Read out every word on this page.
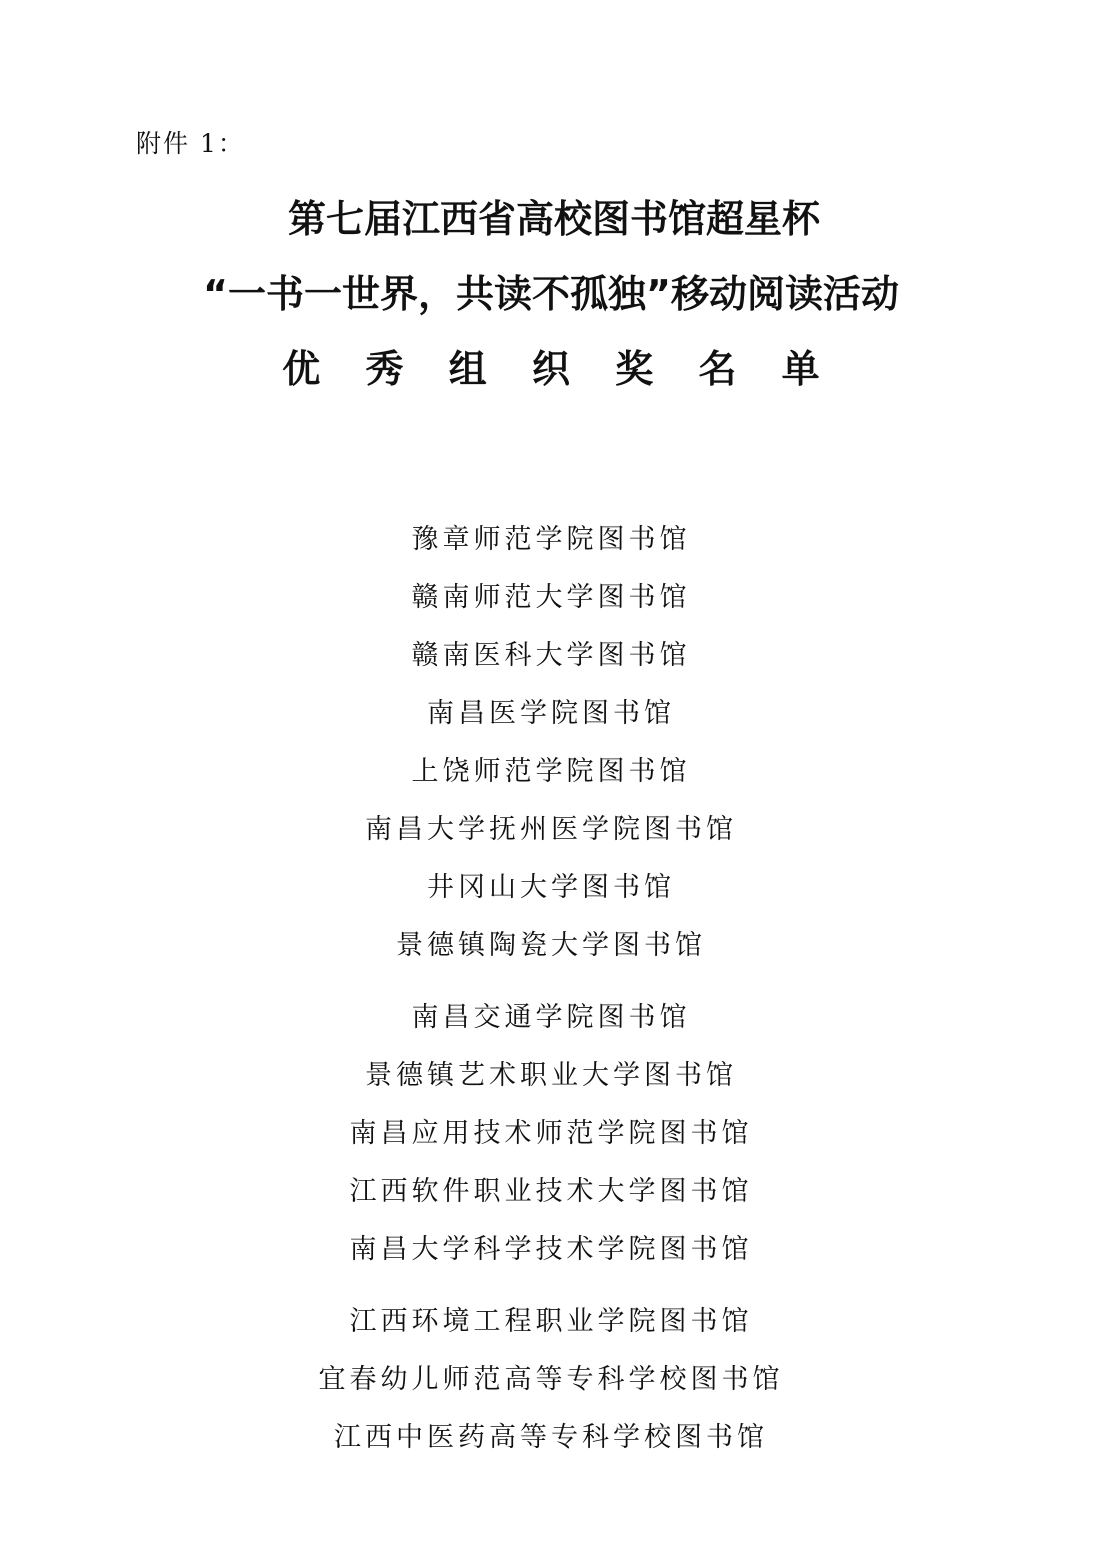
附件 1：
第七届江西省高校图书馆超星杯
“一书一世界，共读不孤独”移动阅读活动
优 秀 组 织 奖 名 单
豫章师范学院图书馆
赣南师范大学图书馆
赣南医科大学图书馆
南昌医学院图书馆
上饶师范学院图书馆
南昌大学抚州医学院图书馆
井冈山大学图书馆
景德镇陶瓷大学图书馆
南昌交通学院图书馆
景德镇艺术职业大学图书馆
南昌应用技术师范学院图书馆
江西软件职业技术大学图书馆
南昌大学科学技术学院图书馆
江西环境工程职业学院图书馆
宜春幼儿师范高等专科学校图书馆
江西中医药高等专科学校图书馆
